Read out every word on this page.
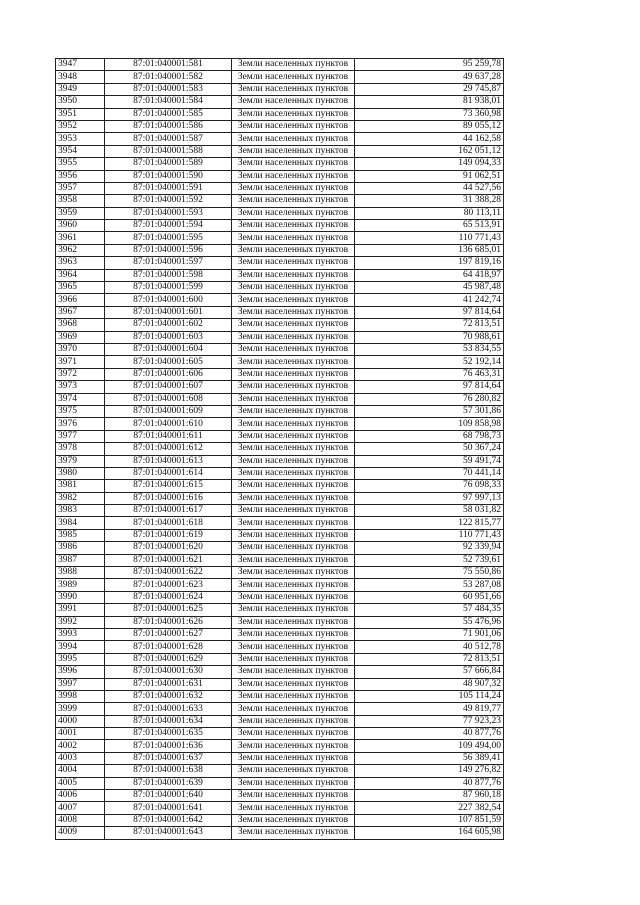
3947	87:01:040001:581	Земли населенных пунктов	95 259,78
3948	87:01:040001:582	Земли населенных пунктов	49 637,28
3949	87:01:040001:583	Земли населенных пунктов	29 745,87
3950	87:01:040001:584	Земли населенных пунктов	81 938,01
3951	87:01:040001:585	Земли населенных пунктов	73 360,98
3952	87:01:040001:586	Земли населенных пунктов	89 055,12
3953	87:01:040001:587	Земли населенных пунктов	44 162,58
3954	87:01:040001:588	Земли населенных пунктов	162 051,12
3955	87:01:040001:589	Земли населенных пунктов	149 094,33
3956	87:01:040001:590	Земли населенных пунктов	91 062,51
3957	87:01:040001:591	Земли населенных пунктов	44 527,56
3958	87:01:040001:592	Земли населенных пунктов	31 388,28
3959	87:01:040001:593	Земли населенных пунктов	80 113,11
3960	87:01:040001:594	Земли населенных пунктов	65 513,91
3961	87:01:040001:595	Земли населенных пунктов	110 771,43
3962	87:01:040001:596	Земли населенных пунктов	136 685,01
3963	87:01:040001:597	Земли населенных пунктов	197 819,16
3964	87:01:040001:598	Земли населенных пунктов	64 418,97
3965	87:01:040001:599	Земли населенных пунктов	45 987,48
3966	87:01:040001:600	Земли населенных пунктов	41 242,74
3967	87:01:040001:601	Земли населенных пунктов	97 814,64
3968	87:01:040001:602	Земли населенных пунктов	72 813,51
3969	87:01:040001:603	Земли населенных пунктов	70 988,61
3970	87:01:040001:604	Земли населенных пунктов	53 834,55
3971	87:01:040001:605	Земли населенных пунктов	52 192,14
3972	87:01:040001:606	Земли населенных пунктов	76 463,31
3973	87:01:040001:607	Земли населенных пунктов	97 814,64
3974	87:01:040001:608	Земли населенных пунктов	76 280,82
3975	87:01:040001:609	Земли населенных пунктов	57 301,86
3976	87:01:040001:610	Земли населенных пунктов	109 858,98
3977	87:01:040001:611	Земли населенных пунктов	68 798,73
3978	87:01:040001:612	Земли населенных пунктов	50 367,24
3979	87:01:040001:613	Земли населенных пунктов	59 491,74
3980	87:01:040001:614	Земли населенных пунктов	70 441,14
3981	87:01:040001:615	Земли населенных пунктов	76 098,33
3982	87:01:040001:616	Земли населенных пунктов	97 997,13
3983	87:01:040001:617	Земли населенных пунктов	58 031,82
3984	87:01:040001:618	Земли населенных пунктов	122 815,77
3985	87:01:040001:619	Земли населенных пунктов	110 771,43
3986	87:01:040001:620	Земли населенных пунктов	92 339,94
3987	87:01:040001:621	Земли населенных пунктов	52 739,61
3988	87:01:040001:622	Земли населенных пунктов	75 550,86
3989	87:01:040001:623	Земли населенных пунктов	53 287,08
3990	87:01:040001:624	Земли населенных пунктов	60 951,66
3991	87:01:040001:625	Земли населенных пунктов	57 484,35
3992	87:01:040001:626	Земли населенных пунктов	55 476,96
3993	87:01:040001:627	Земли населенных пунктов	71 901,06
3994	87:01:040001:628	Земли населенных пунктов	40 512,78
3995	87:01:040001:629	Земли населенных пунктов	72 813,51
3996	87:01:040001:630	Земли населенных пунктов	57 666,84
3997	87:01:040001:631	Земли населенных пунктов	48 907,32
3998	87:01:040001:632	Земли населенных пунктов	105 114,24
3999	87:01:040001:633	Земли населенных пунктов	49 819,77
4000	87:01:040001:634	Земли населенных пунктов	77 923,23
4001	87:01:040001:635	Земли населенных пунктов	40 877,76
4002	87:01:040001:636	Земли населенных пунктов	109 494,00
4003	87:01:040001:637	Земли населенных пунктов	56 389,41
4004	87:01:040001:638	Земли населенных пунктов	149 276,82
4005	87:01:040001:639	Земли населенных пунктов	40 877,76
4006	87:01:040001:640	Земли населенных пунктов	87 960,18
4007	87:01:040001:641	Земли населенных пунктов	227 382,54
4008	87:01:040001:642	Земли населенных пунктов	107 851,59
4009	87:01:040001:643	Земли населенных пунктов	164 605,98
